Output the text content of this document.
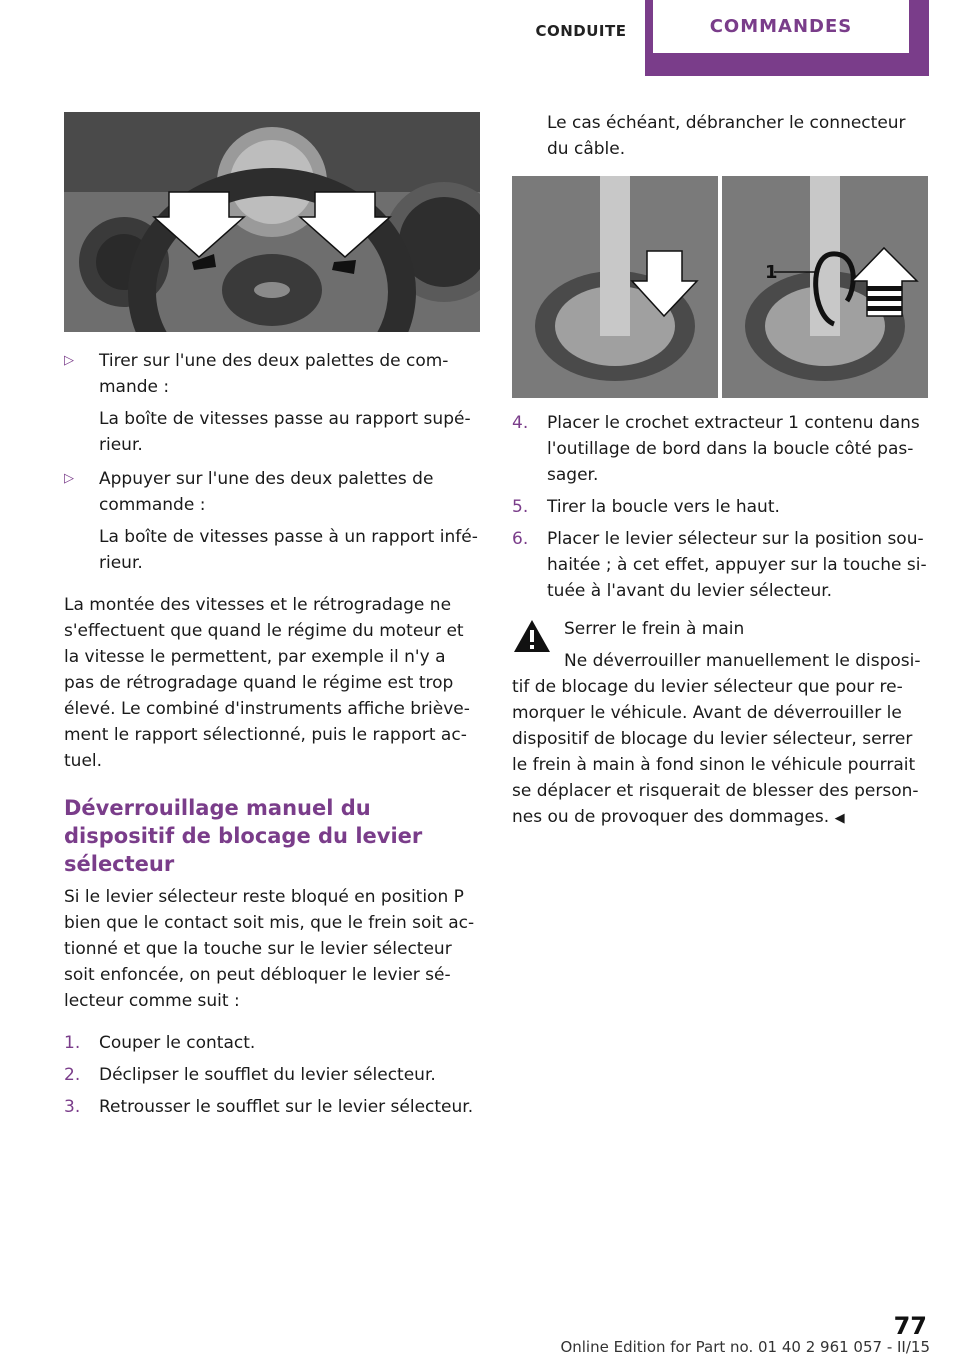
CONDUITE	COMMANDES
▷ Tirer sur l'une des deux palettes de commande :

La boîte de vitesses passe au rapport supérieur.

▷ Appuyer sur l'une des deux palettes de commande :

La boîte de vitesses passe à un rapport inférieur.

La montée des vitesses et le rétrogradage ne s'effectuent que quand le régime du moteur et la vitesse le permettent, par exemple il n'y a pas de rétrogradage quand le régime est trop élevé. Le combiné d'instruments affiche brièvement le rapport sélectionné, puis le rapport actuel.

Déverrouillage manuel du dispositif de blocage du levier sélecteur

Si le levier sélecteur reste bloqué en position P bien que le contact soit mis, que le frein soit actionné et que la touche sur le levier sélecteur soit enfoncée, on peut débloquer le levier sélecteur comme suit :

1. Couper le contact.

2. Déclipser le soufflet du levier sélecteur.

3. Retrousser le soufflet sur le levier sélecteur.

Le cas échéant, débrancher le connecteur du câble.

1
4. Placer le crochet extracteur 1 contenu dans l'outillage de bord dans la boucle côté passager.

5. Tirer la boucle vers le haut.

6. Placer le levier sélecteur sur la position souhaitée ; à cet effet, appuyer sur la touche située à l'avant du levier sélecteur.

Serrer le frein à main

Ne déverrouiller manuellement le dispositif de blocage du levier sélecteur que pour remorquer le véhicule. Avant de déverrouiller le dispositif de blocage du levier sélecteur, serrer le frein à main à fond sinon le véhicule pourrait se déplacer et risquerait de blesser des personnes ou de provoquer des dommages. ◀

77
Online Edition for Part no. 01 40 2 961 057 - II/15
